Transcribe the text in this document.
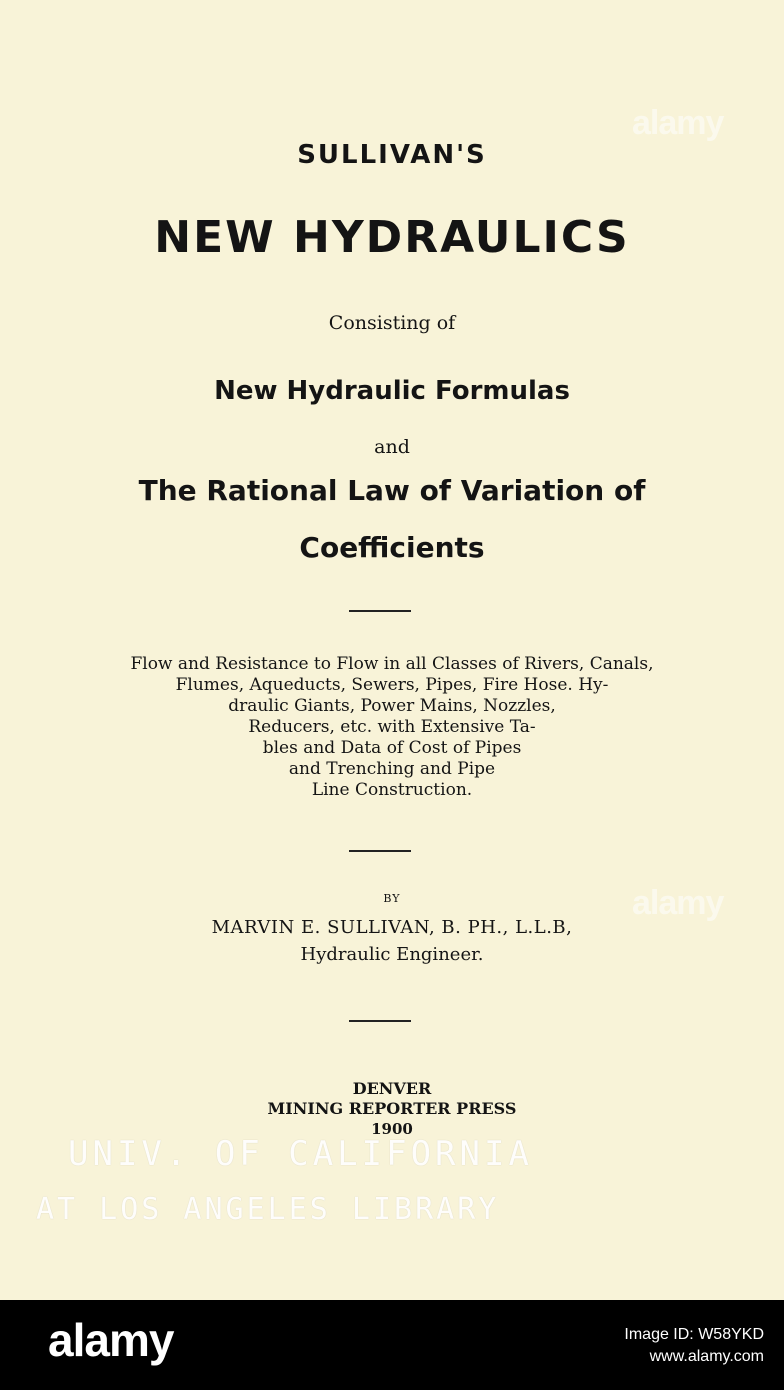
SULLIVAN'S
NEW HYDRAULICS
Consisting of
New Hydraulic Formulas
and
The Rational Law of Variation of
Coefficients
Flow and Resistance to Flow in all Classes of Rivers, Canals,
Flumes, Aqueducts, Sewers, Pipes, Fire Hose. Hy-
draulic Giants, Power Mains, Nozzles,
Reducers, etc. with Extensive Ta-
bles and Data of Cost of Pipes
and Trenching and Pipe
Line Construction.
BY
MARVIN E. SULLIVAN, B. PH., L.L.B,
Hydraulic Engineer.
DENVER
MINING REPORTER PRESS
1900
UNIV. OF CALIFORNIA
AT LOS ANGELES LIBRARY
alamy
alamy
alamy	Image ID: W58YKD
www.alamy.com
